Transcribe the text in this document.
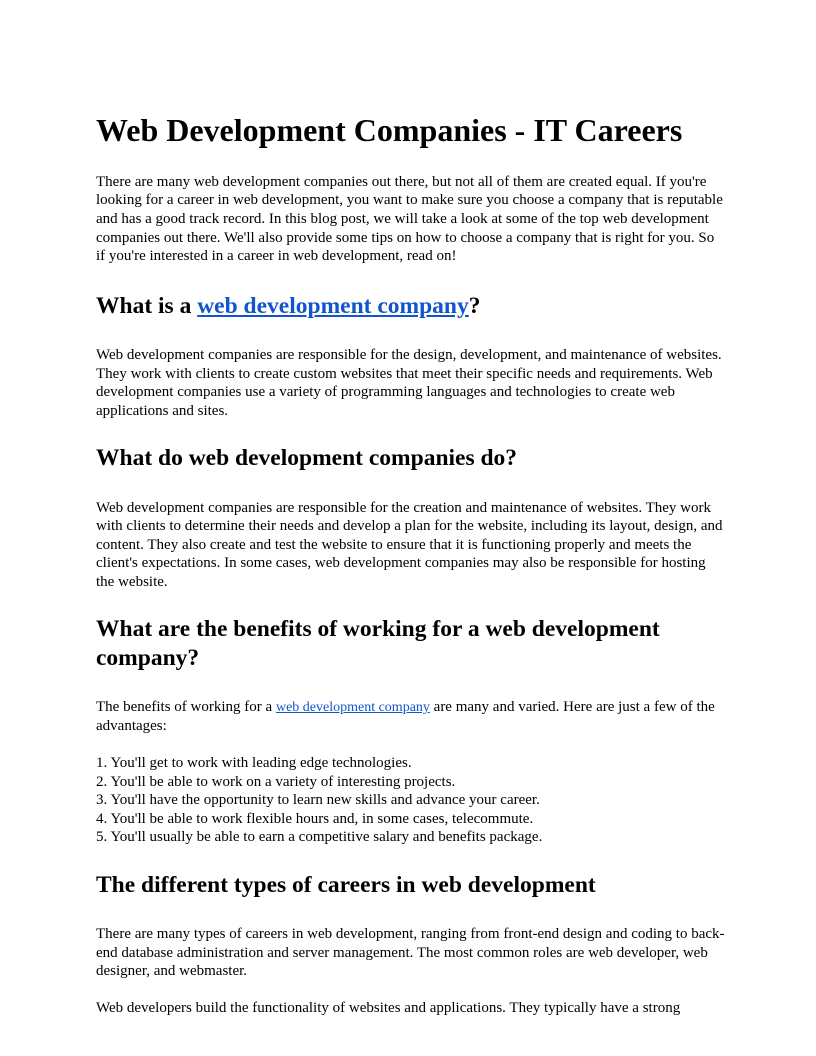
Web Development Companies - IT Careers

There are many web development companies out there, but not all of them are created equal. If you're looking for a career in web development, you want to make sure you choose a company that is reputable and has a good track record. In this blog post, we will take a look at some of the top web development companies out there. We'll also provide some tips on how to choose a company that is right for you. So if you're interested in a career in web development, read on!

What is a web development company?

Web development companies are responsible for the design, development, and maintenance of websites. They work with clients to create custom websites that meet their specific needs and requirements. Web development companies use a variety of programming languages and technologies to create web applications and sites.

What do web development companies do?

Web development companies are responsible for the creation and maintenance of websites. They work with clients to determine their needs and develop a plan for the website, including its layout, design, and content. They also create and test the website to ensure that it is functioning properly and meets the client's expectations. In some cases, web development companies may also be responsible for hosting the website.

What are the benefits of working for a web development company?

The benefits of working for a web development company are many and varied. Here are just a few of the advantages:

1. You'll get to work with leading edge technologies.
2. You'll be able to work on a variety of interesting projects.
3. You'll have the opportunity to learn new skills and advance your career.
4. You'll be able to work flexible hours and, in some cases, telecommute.
5. You'll usually be able to earn a competitive salary and benefits package.
The different types of careers in web development

There are many types of careers in web development, ranging from front-end design and coding to back-end database administration and server management. The most common roles are web developer, web designer, and webmaster.

Web developers build the functionality of websites and applications. They typically have a strong
